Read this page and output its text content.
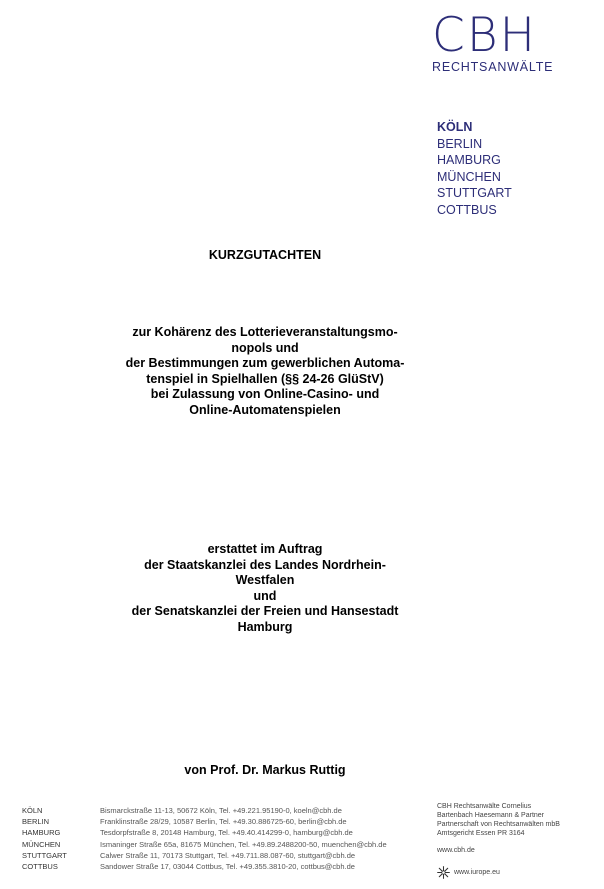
CBH
RECHTSANWÄLTE
KÖLN
BERLIN
HAMBURG
MÜNCHEN
STUTTGART
COTTBUS
KURZGUTACHTEN
zur Kohärenz des Lotterieveranstaltungsmo-
nopols und
der Bestimmungen zum gewerblichen Automa-
tenspiel in Spielhallen (§§ 24-26 GlüStV)
bei Zulassung von Online-Casino- und
Online-Automatenspielen
erstattet im Auftrag
der Staatskanzlei des Landes Nordrhein-
Westfalen
und
der Senatskanzlei der Freien und Hansestadt
Hamburg
von Prof. Dr. Markus Ruttig
KÖLN	Bismarckstraße 11-13, 50672 Köln, Tel. +49.221.95190-0, koeln@cbh.de
BERLIN	Franklinstraße 28/29, 10587 Berlin, Tel. +49.30.886725-60, berlin@cbh.de
HAMBURG	Tesdorpfstraße 8, 20148 Hamburg, Tel. +49.40.414299-0, hamburg@cbh.de
MÜNCHEN	Ismaninger Straße 65a, 81675 München, Tel. +49.89.2488200-50, muenchen@cbh.de
STUTTGART	Calwer Straße 11, 70173 Stuttgart, Tel. +49.711.88.087-60, stuttgart@cbh.de
COTTBUS	Sandower Straße 17, 03044 Cottbus, Tel. +49.355.3810-20, cottbus@cbh.de
CBH Rechtsanwälte Cornelius
Bartenbach Haesemann & Partner
Partnerschaft von Rechtsanwälten mbB
Amtsgericht Essen PR 3164
www.cbh.de
www.iurope.eu
